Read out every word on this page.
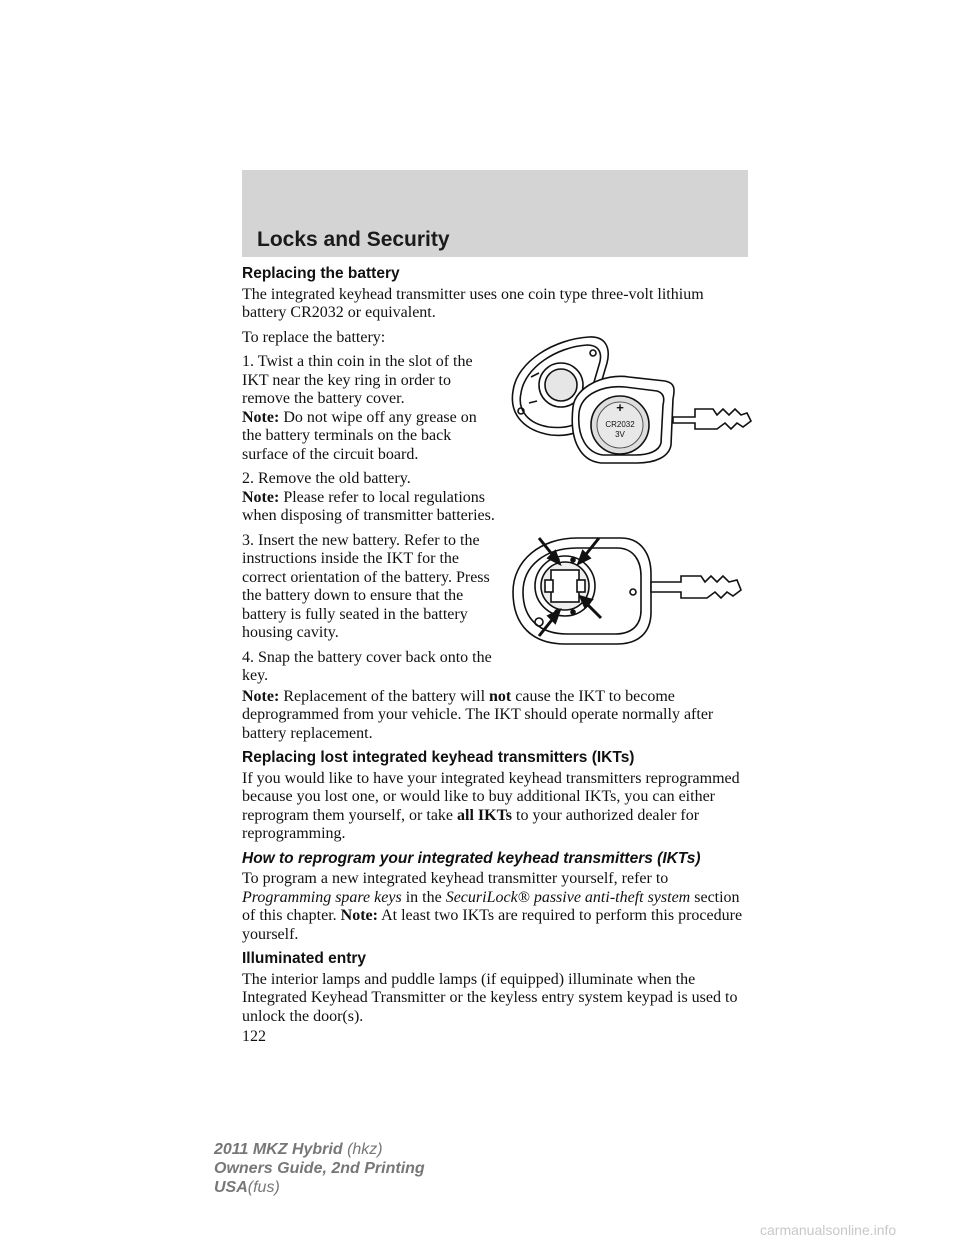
Locks and Security
Replacing the battery

The integrated keyhead transmitter uses one coin type three-volt lithium battery CR2032 or equivalent.

To replace the battery:

1. Twist a thin coin in the slot of the IKT near the key ring in order to remove the battery cover.
Note: Do not wipe off any grease on the battery terminals on the back surface of the circuit board.

2. Remove the old battery.
Note: Please refer to local regulations when disposing of transmitter batteries.

3. Insert the new battery. Refer to the instructions inside the IKT for the correct orientation of the battery. Press the battery down to ensure that the battery is fully seated in the battery housing cavity.

4. Snap the battery cover back onto the key.

Note: Replacement of the battery will not cause the IKT to become deprogrammed from your vehicle. The IKT should operate normally after battery replacement.

Replacing lost integrated keyhead transmitters (IKTs)

If you would like to have your integrated keyhead transmitters reprogrammed because you lost one, or would like to buy additional IKTs, you can either reprogram them yourself, or take all IKTs to your authorized dealer for reprogramming.

How to reprogram your integrated keyhead transmitters (IKTs)

To program a new integrated keyhead transmitter yourself, refer to Programming spare keys in the SecuriLock® passive anti-theft system section of this chapter. Note: At least two IKTs are required to perform this procedure yourself.

Illuminated entry

The interior lamps and puddle lamps (if equipped) illuminate when the Integrated Keyhead Transmitter or the keyless entry system keypad is used to unlock the door(s).

122
+
CR2032
3V
2011 MKZ Hybrid (hkz)
Owners Guide, 2nd Printing
USA(fus)
carmanualsonline.info
